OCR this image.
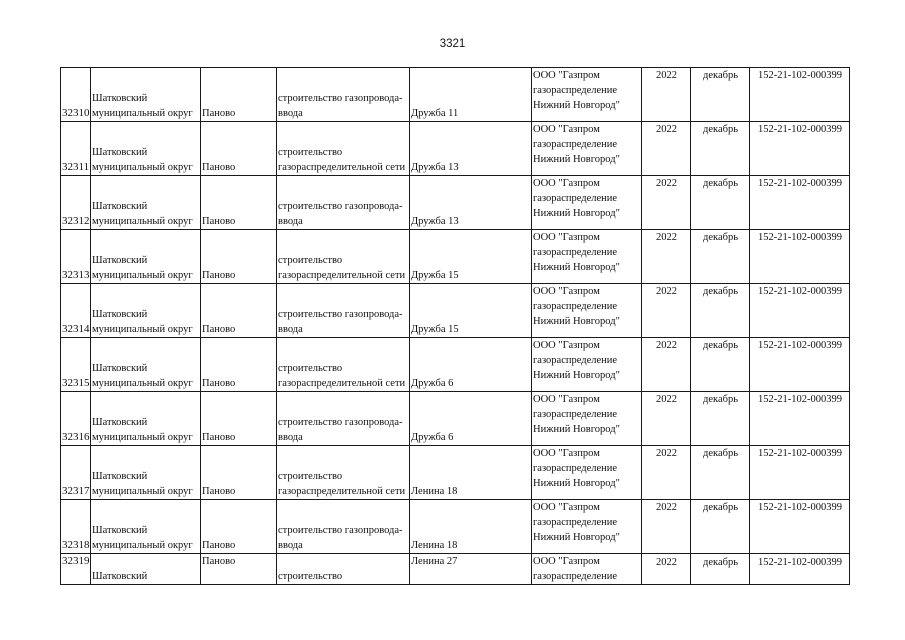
3321
32310	Шатковский
муниципальный округ	Паново	строительство газопровода-
ввода	Дружба 11	ООО "Газпром
газораспределение
Нижний Новгород"	2022	декабрь	152-21-102-000399
32311	Шатковский
муниципальный округ	Паново	строительство
газораспределительной сети	Дружба 13	ООО "Газпром
газораспределение
Нижний Новгород"	2022	декабрь	152-21-102-000399
32312	Шатковский
муниципальный округ	Паново	строительство газопровода-
ввода	Дружба 13	ООО "Газпром
газораспределение
Нижний Новгород"	2022	декабрь	152-21-102-000399
32313	Шатковский
муниципальный округ	Паново	строительство
газораспределительной сети	Дружба 15	ООО "Газпром
газораспределение
Нижний Новгород"	2022	декабрь	152-21-102-000399
32314	Шатковский
муниципальный округ	Паново	строительство газопровода-
ввода	Дружба 15	ООО "Газпром
газораспределение
Нижний Новгород"	2022	декабрь	152-21-102-000399
32315	Шатковский
муниципальный округ	Паново	строительство
газораспределительной сети	Дружба 6	ООО "Газпром
газораспределение
Нижний Новгород"	2022	декабрь	152-21-102-000399
32316	Шатковский
муниципальный округ	Паново	строительство газопровода-
ввода	Дружба 6	ООО "Газпром
газораспределение
Нижний Новгород"	2022	декабрь	152-21-102-000399
32317	Шатковский
муниципальный округ	Паново	строительство
газораспределительной сети	Ленина 18	ООО "Газпром
газораспределение
Нижний Новгород"	2022	декабрь	152-21-102-000399
32318	Шатковский
муниципальный округ	Паново	строительство газопровода-
ввода	Ленина 18	ООО "Газпром
газораспределение
Нижний Новгород"	2022	декабрь	152-21-102-000399
32319	Шатковский	Паново	строительство	Ленина 27	ООО "Газпром
газораспределение	2022	декабрь	152-21-102-000399
